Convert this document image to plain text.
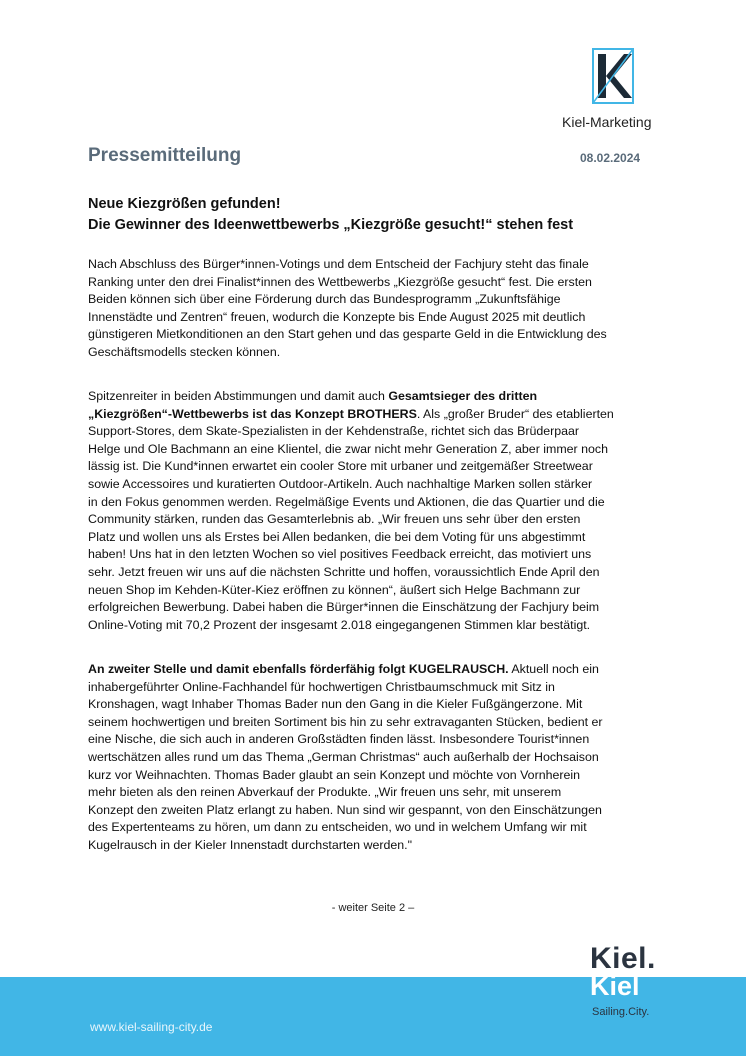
Kiel-Marketing
Pressemitteilung	08.02.2024
Neue Kiezgrößen gefunden!
Die Gewinner des Ideenwettbewerbs „Kiezgröße gesucht!“ stehen fest
Nach Abschluss des Bürger*innen-Votings und dem Entscheid der Fachjury steht das finale
Ranking unter den drei Finalist*innen des Wettbewerbs „Kiezgröße gesucht“ fest. Die ersten
Beiden können sich über eine Förderung durch das Bundesprogramm „Zukunftsfähige
Innenstädte und Zentren“ freuen, wodurch die Konzepte bis Ende August 2025 mit deutlich
günstigeren Mietkonditionen an den Start gehen und das gesparte Geld in die Entwicklung des
Geschäftsmodells stecken können.
Spitzenreiter in beiden Abstimmungen und damit auch Gesamtsieger des dritten
„Kiezgrößen“-Wettbewerbs ist das Konzept BROTHERS. Als „großer Bruder“ des etablierten
Support-Stores, dem Skate-Spezialisten in der Kehdenstraße, richtet sich das Brüderpaar
Helge und Ole Bachmann an eine Klientel, die zwar nicht mehr Generation Z, aber immer noch
lässig ist. Die Kund*innen erwartet ein cooler Store mit urbaner und zeitgemäßer Streetwear
sowie Accessoires und kuratierten Outdoor-Artikeln. Auch nachhaltige Marken sollen stärker
in den Fokus genommen werden. Regelmäßige Events und Aktionen, die das Quartier und die
Community stärken, runden das Gesamterlebnis ab. „Wir freuen uns sehr über den ersten
Platz und wollen uns als Erstes bei Allen bedanken, die bei dem Voting für uns abgestimmt
haben! Uns hat in den letzten Wochen so viel positives Feedback erreicht, das motiviert uns
sehr. Jetzt freuen wir uns auf die nächsten Schritte und hoffen, voraussichtlich Ende April den
neuen Shop im Kehden-Küter-Kiez eröffnen zu können“, äußert sich Helge Bachmann zur
erfolgreichen Bewerbung. Dabei haben die Bürger*innen die Einschätzung der Fachjury beim
Online-Voting mit 70,2 Prozent der insgesamt 2.018 eingegangenen Stimmen klar bestätigt.
An zweiter Stelle und damit ebenfalls förderfähig folgt KUGELRAUSCH. Aktuell noch ein
inhabergeführter Online-Fachhandel für hochwertigen Christbaumschmuck mit Sitz in
Kronshagen, wagt Inhaber Thomas Bader nun den Gang in die Kieler Fußgängerzone. Mit
seinem hochwertigen und breiten Sortiment bis hin zu sehr extravaganten Stücken, bedient er
eine Nische, die sich auch in anderen Großstädten finden lässt. Insbesondere Tourist*innen
wertschätzen alles rund um das Thema „German Christmas“ auch außerhalb der Hochsaison
kurz vor Weihnachten. Thomas Bader glaubt an sein Konzept und möchte von Vornherein
mehr bieten als den reinen Abverkauf der Produkte. „Wir freuen uns sehr, mit unserem
Konzept den zweiten Platz erlangt zu haben. Nun sind wir gespannt, von den Einschätzungen
des Expertenteams zu hören, um dann zu entscheiden, wo und in welchem Umfang wir mit
Kugelrausch in der Kieler Innenstadt durchstarten werden."
- weiter Seite 2 –
www.kiel-sailing-city.de
Kiel.
Kiel
Sailing.City.
